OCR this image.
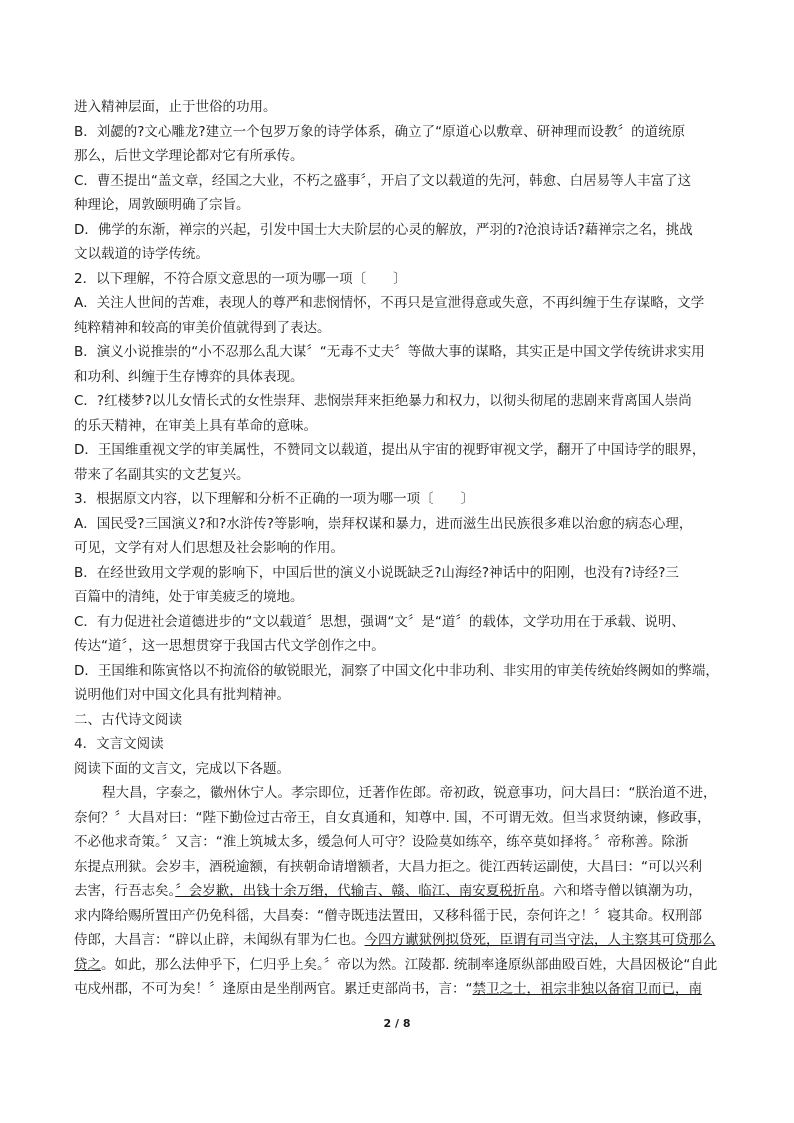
进入精神层面，止于世俗的功用。
B．刘勰的?文心雕龙?建立一个包罗万象的诗学体系，确立了“原道心以敷章、研神理而设教〞的道统原
那么，后世文学理论都对它有所承传。
C．曹丕提出“盖文章，经国之大业，不朽之盛事〞，开启了文以载道的先河，韩愈、白居易等人丰富了这
种理论，周敦颐明确了宗旨。
D．佛学的东渐，禅宗的兴起，引发中国士大夫阶层的心灵的解放，严羽的?沧浪诗话?藉禅宗之名，挑战
文以载道的诗学传统。
2．以下理解，不符合原文意思的一项为哪一项〔　　〕
A．关注人世间的苦难，表现人的尊严和悲悯情怀，不再只是宣泄得意或失意，不再纠缠于生存谋略，文学
纯粹精神和较高的审美价值就得到了表达。
B．演义小说推崇的“小不忍那么乱大谋〞“无毒不丈夫〞等做大事的谋略，其实正是中国文学传统讲求实用
和功利、纠缠于生存博弈的具体表现。
C．?红楼梦?以儿女情长式的女性崇拜、悲悯崇拜来拒绝暴力和权力，以彻头彻尾的悲剧来背离国人崇尚
的乐天精神，在审美上具有革命的意味。
D．王国维重视文学的审美属性，不赞同文以载道，提出从宇宙的视野审视文学，翻开了中国诗学的眼界，
带来了名副其实的文艺复兴。
3．根据原文内容，以下理解和分析不正确的一项为哪一项〔　　〕
A．国民受?三国演义?和?水浒传?等影响，崇拜权谋和暴力，进而滋生出民族很多难以治愈的病态心理，
可见，文学有对人们思想及社会影响的作用。
B．在经世致用文学观的影响下，中国后世的演义小说既缺乏?山海经?神话中的阳刚，也没有?诗经?三
百篇中的清纯，处于审美疲乏的境地。
C．有力促进社会道德进步的“文以载道〞思想，强调“文〞是“道〞的载体，文学功用在于承载、说明、
传达“道〞，这一思想贯穿于我国古代文学创作之中。
D．王国维和陈寅恪以不拘流俗的敏锐眼光，洞察了中国文化中非功利、非实用的审美传统始终阙如的弊端，
说明他们对中国文化具有批判精神。
二、古代诗文阅读
4．文言文阅读
阅读下面的文言文，完成以下各题。
程大昌，字泰之，徽州休宁人。孝宗即位，迁著作佐郎。帝初政，锐意事功，问大昌曰：“朕治道不进，
奈何？〞大昌对曰：“陛下勤俭过古帝王，自女真通和，知尊中. 国，不可谓无效。但当求贤纳谏，修政事，
不必他求奇策。〞又言：“淮上筑城太多，缓急何人可守？设险莫如练卒，练卒莫如择将。〞帝称善。除浙
东提点刑狱。会岁丰，酒税逾额，有挟朝命请增额者，大昌力拒之。徙江西转运副使，大昌曰：“可以兴利
去害，行吾志矣。〞会岁歉，出钱十余万缗，代输吉、赣、临江、南安夏税折帛。六和塔寺僧以镇潮为功，
求内降给赐所置田产仍免科徭，大昌奏：“僧寺既违法置田，又移科徭于民，奈何许之！〞寝其命。权刑部
侍郎，大昌言：“辟以止辟，未闻纵有罪为仁也。今四方谳狱例拟贷死，臣谓有司当守法，人主察其可贷那么
贷之。如此，那么法伸乎下，仁归乎上矣。〞帝以为然。江陵都. 统制率逢原纵部曲殴百姓，大昌因极论“自此
屯戍州郡，不可为矣！〞逢原由是坐削两官。累迁吏部尚书，言：“禁卫之士，祖宗非独以备宿卫而已，南
2 / 8
